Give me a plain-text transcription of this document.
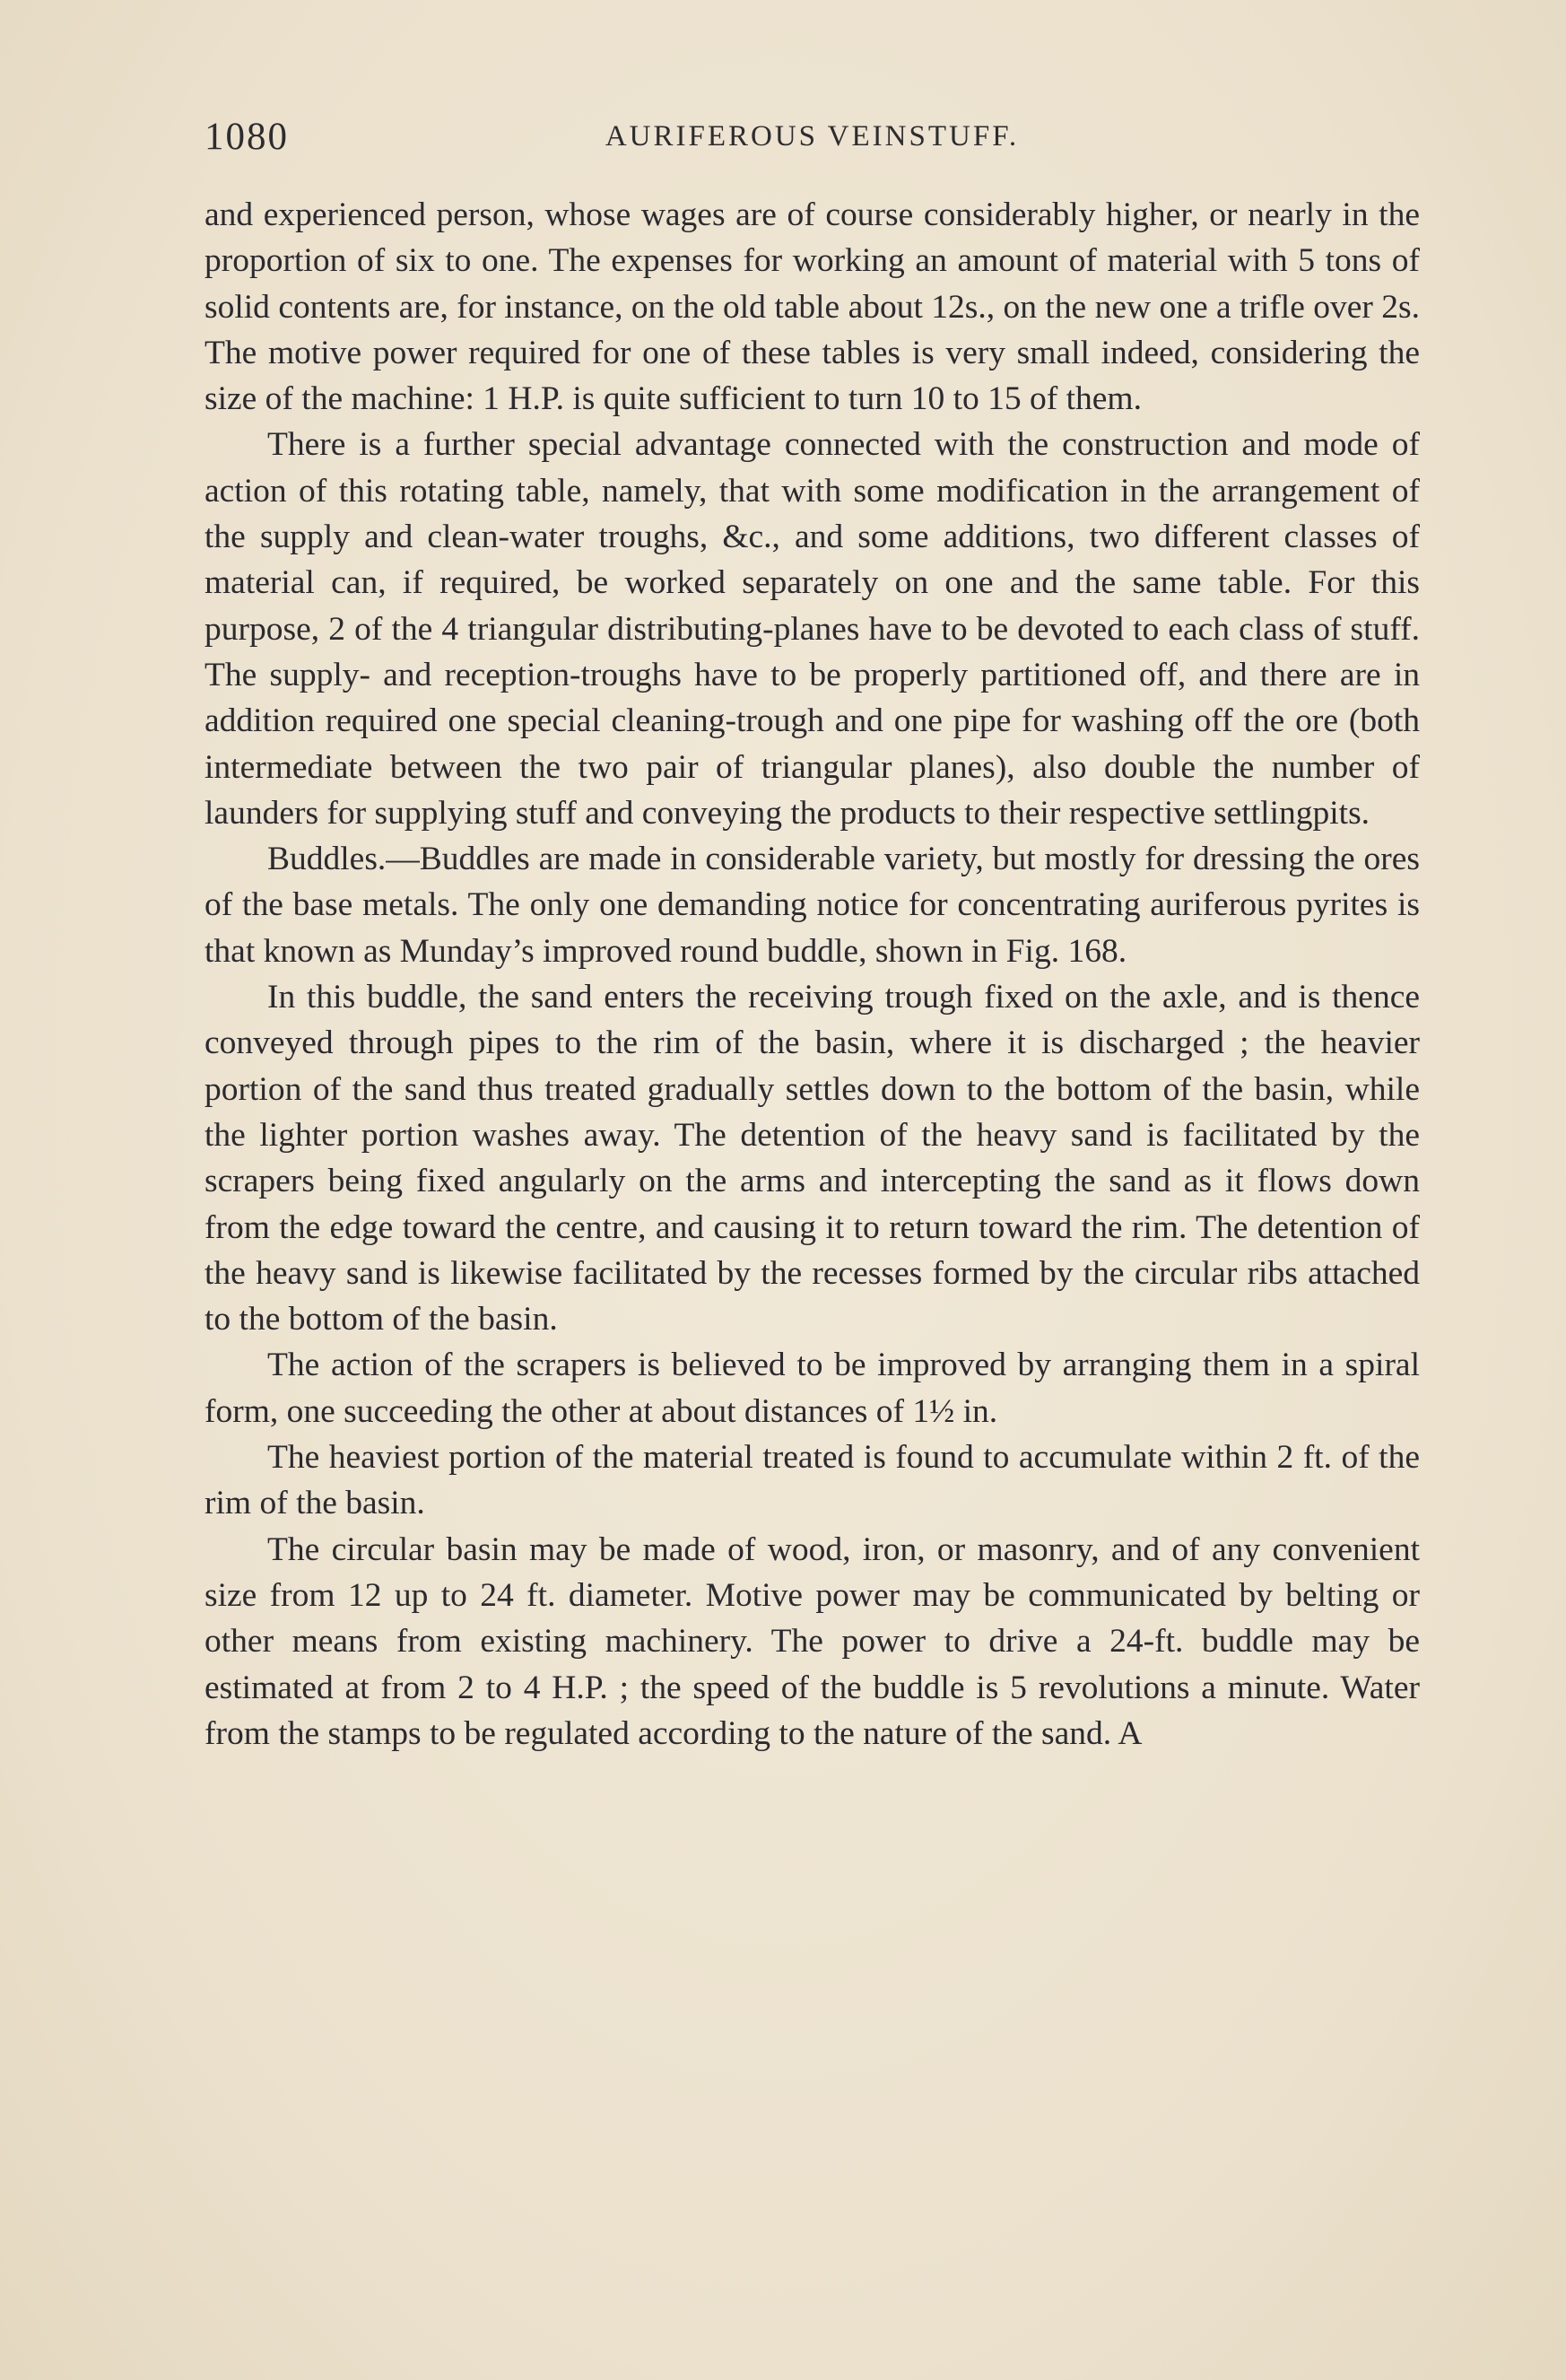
1080	AURIFEROUS VEINSTUFF.

and experienced person, whose wages are of course considerably higher, or nearly in the proportion of six to one. The expenses for working an amount of material with 5 tons of solid contents are, for instance, on the old table about 12s., on the new one a trifle over 2s. The motive power required for one of these tables is very small indeed, considering the size of the machine: 1 H.P. is quite sufficient to turn 10 to 15 of them.

There is a further special advantage connected with the construction and mode of action of this rotating table, namely, that with some modification in the arrangement of the supply and clean-water troughs, &c., and some additions, two different classes of material can, if required, be worked separately on one and the same table. For this purpose, 2 of the 4 triangular distributing-planes have to be devoted to each class of stuff. The supply- and reception-troughs have to be properly partitioned off, and there are in addition required one special cleaning-trough and one pipe for washing off the ore (both intermediate between the two pair of triangular planes), also double the number of launders for supplying stuff and conveying the products to their respective settlingpits.

Buddles.—Buddles are made in considerable variety, but mostly for dressing the ores of the base metals. The only one demanding notice for concentrating auriferous pyrites is that known as Munday’s improved round buddle, shown in Fig. 168.

In this buddle, the sand enters the receiving trough fixed on the axle, and is thence conveyed through pipes to the rim of the basin, where it is discharged ; the heavier portion of the sand thus treated gradually settles down to the bottom of the basin, while the lighter portion washes away. The detention of the heavy sand is facilitated by the scrapers being fixed angularly on the arms and intercepting the sand as it flows down from the edge toward the centre, and causing it to return toward the rim. The detention of the heavy sand is likewise facilitated by the recesses formed by the circular ribs attached to the bottom of the basin.

The action of the scrapers is believed to be improved by arranging them in a spiral form, one succeeding the other at about distances of 1½ in.

The heaviest portion of the material treated is found to accumulate within 2 ft. of the rim of the basin.

The circular basin may be made of wood, iron, or masonry, and of any convenient size from 12 up to 24 ft. diameter. Motive power may be communicated by belting or other means from existing machinery. The power to drive a 24-ft. buddle may be estimated at from 2 to 4 H.P. ; the speed of the buddle is 5 revolutions a minute. Water from the stamps to be regulated according to the nature of the sand. A
